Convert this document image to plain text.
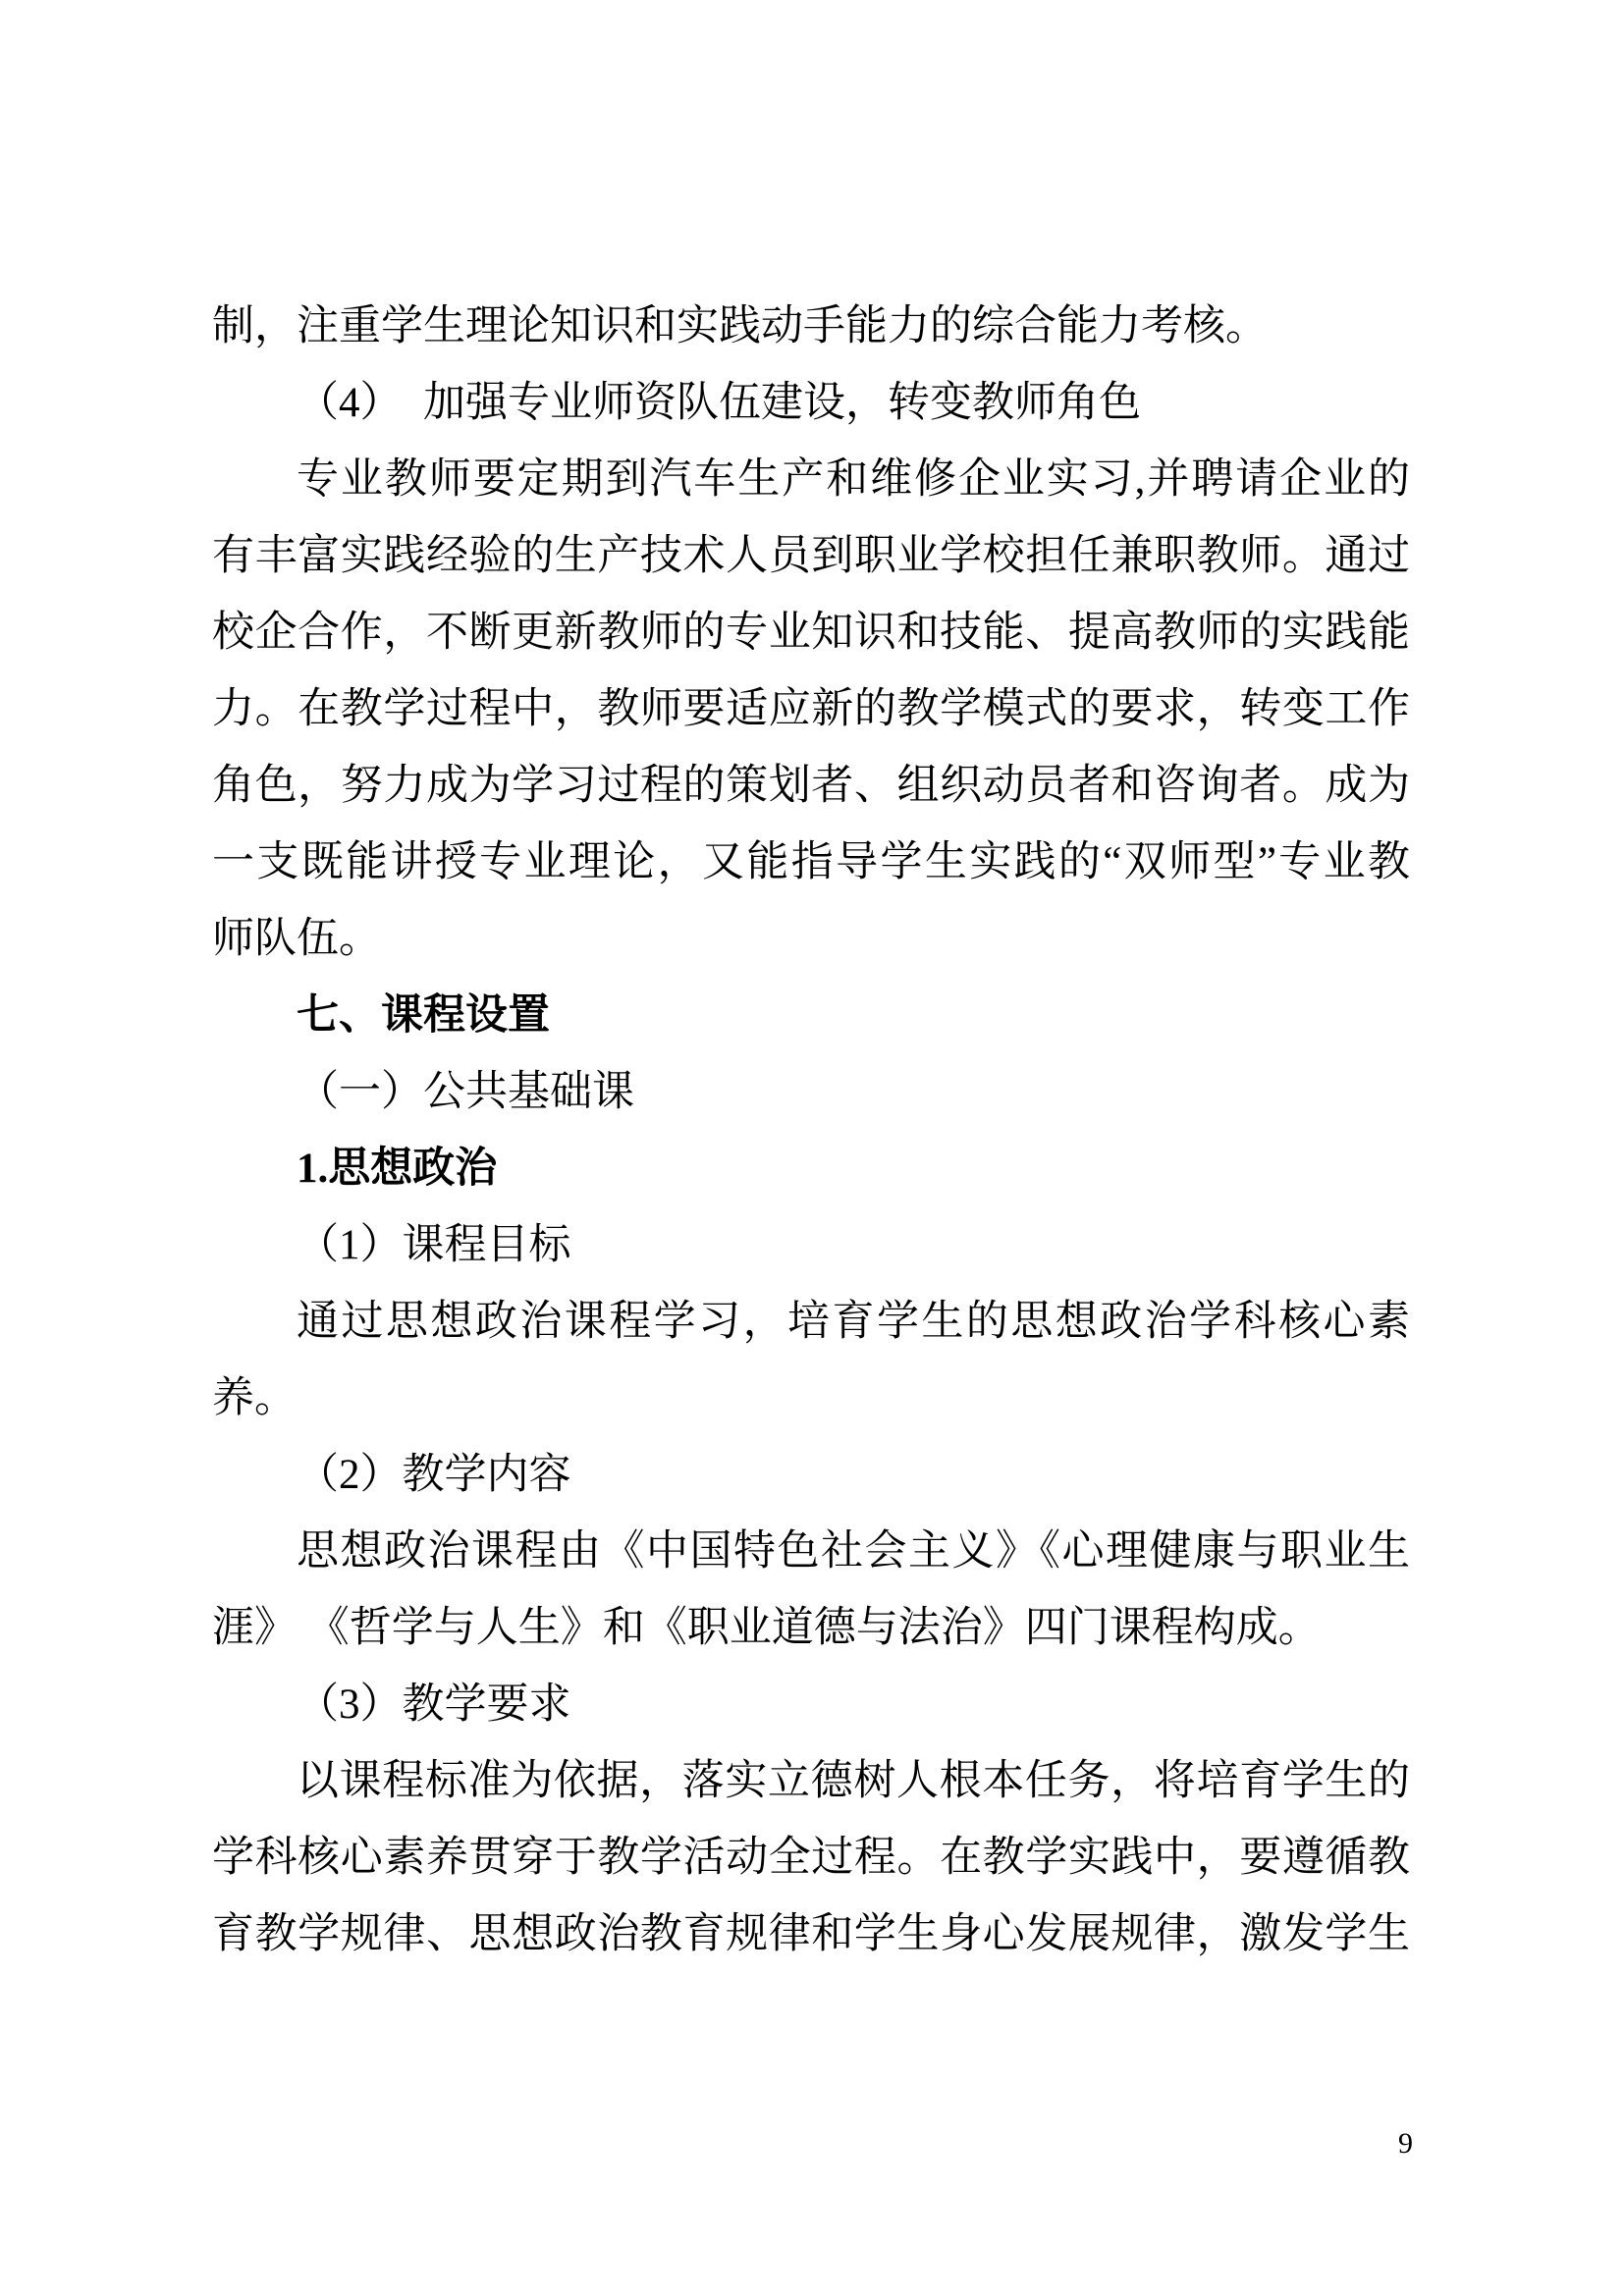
制，注重学生理论知识和实践动手能力的综合能力考核。
（4）　加强专业师资队伍建设，转变教师角色
专业教师要定期到汽车生产和维修企业实习,并聘请企业的
有丰富实践经验的生产技术人员到职业学校担任兼职教师。通过
校企合作，不断更新教师的专业知识和技能、提高教师的实践能
力。在教学过程中，教师要适应新的教学模式的要求，转变工作
角色，努力成为学习过程的策划者、组织动员者和咨询者。成为
一支既能讲授专业理论，又能指导学生实践的“双师型”专业教
师队伍。
七、课程设置
（一）公共基础课
1.思想政治
（1）课程目标
通过思想政治课程学习，培育学生的思想政治学科核心素
养。
（2）教学内容
思想政治课程由《中国特色社会主义》《心理健康与职业生
涯》 《哲学与人生》和《职业道德与法治》四门课程构成。
（3）教学要求
以课程标准为依据，落实立德树人根本任务，将培育学生的
学科核心素养贯穿于教学活动全过程。在教学实践中，要遵循教
育教学规律、思想政治教育规律和学生身心发展规律，激发学生
9
